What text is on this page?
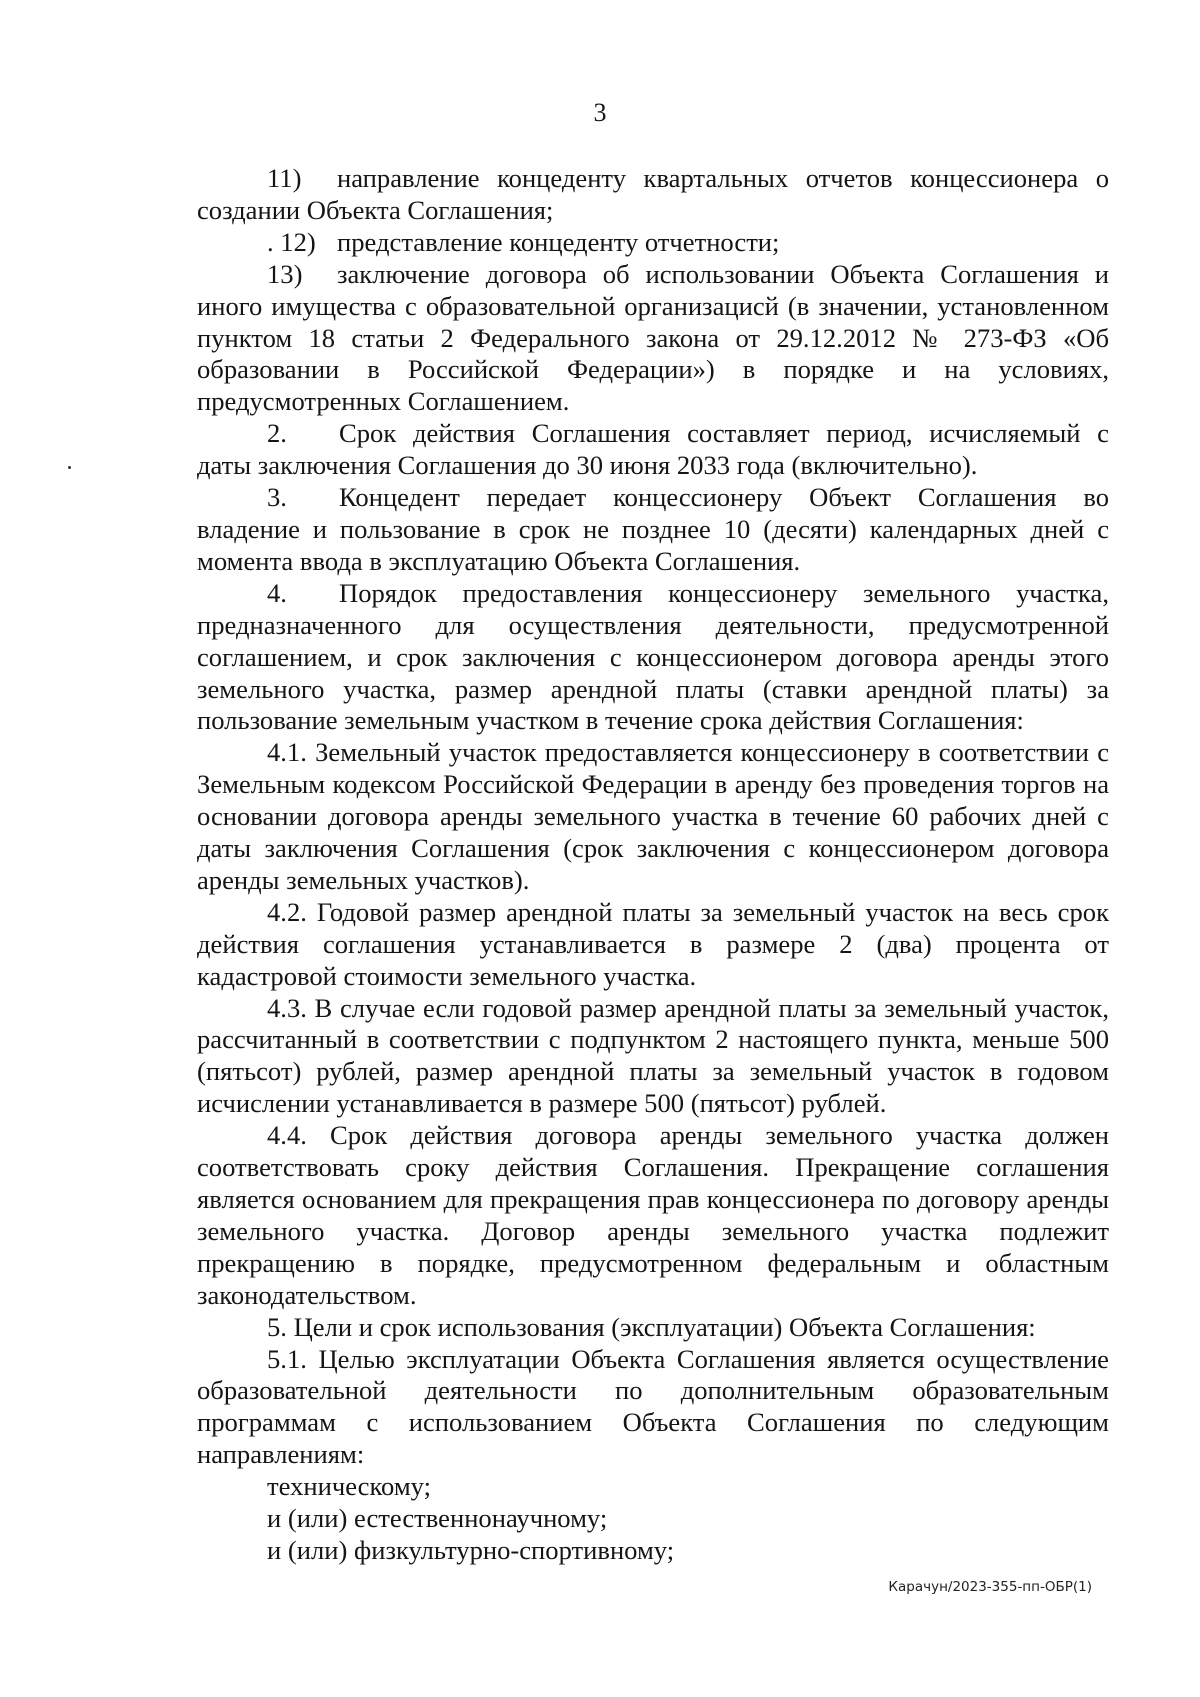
3

11) направление концеденту квартальных отчетов концессионера о создании Объекта Соглашения;

. 12) представление концеденту отчетности;

13) заключение договора об использовании Объекта Соглашения и иного имущества с образовательной организацисй (в значении, установленном пунктом 18 статьи 2 Федерального закона от 29.12.2012 № 273-ФЗ «Об образовании в Российской Федерации») в порядке и на условиях, предусмотренных Соглашением.

2. Срок действия Соглашения составляет период, исчисляемый с даты заключения Соглашения до 30 июня 2033 года (включительно).

3. Концедент передает концессионеру Объект Соглашения во владение и пользование в срок не позднее 10 (десяти) календарных дней с момента ввода в эксплуатацию Объекта Соглашения.

4. Порядок предоставления концессионеру земельного участка, предназначенного для осуществления деятельности, предусмотренной соглашением, и срок заключения с концессионером договора аренды этого земельного участка, размер арендной платы (ставки арендной платы) за пользование земельным участком в течение срока действия Соглашения:

4.1. Земельный участок предоставляется концессионеру в соответствии с Земельным кодексом Российской Федерации в аренду без проведения торгов на основании договора аренды земельного участка в течение 60 рабочих дней с даты заключения Соглашения (срок заключения с концессионером договора аренды земельных участков).

4.2. Годовой размер арендной платы за земельный участок на весь срок действия соглашения устанавливается в размере 2 (два) процента от кадастровой стоимости земельного участка.

4.3. В случае если годовой размер арендной платы за земельный участок, рассчитанный в соответствии с подпунктом 2 настоящего пункта, меньше 500 (пятьсот) рублей, размер арендной платы за земельный участок в годовом исчислении устанавливается в размере 500 (пятьсот) рублей.

4.4. Срок действия договора аренды земельного участка должен соответствовать сроку действия Соглашения. Прекращение соглашения является основанием для прекращения прав концессионера по договору аренды земельного участка. Договор аренды земельного участка подлежит прекращению в порядке, предусмотренном федеральным и областным законодательством.

5. Цели и срок использования (эксплуатации) Объекта Соглашения:

5.1. Целью эксплуатации Объекта Соглашения является осуществление образовательной деятельности по дополнительным образовательным программам с использованием Объекта Соглашения по следующим направлениям:

техническому;

и (или) естественнонаучному;

и (или) физкультурно-спортивному;

Карачун/2023-355-пп-ОБР(1)
